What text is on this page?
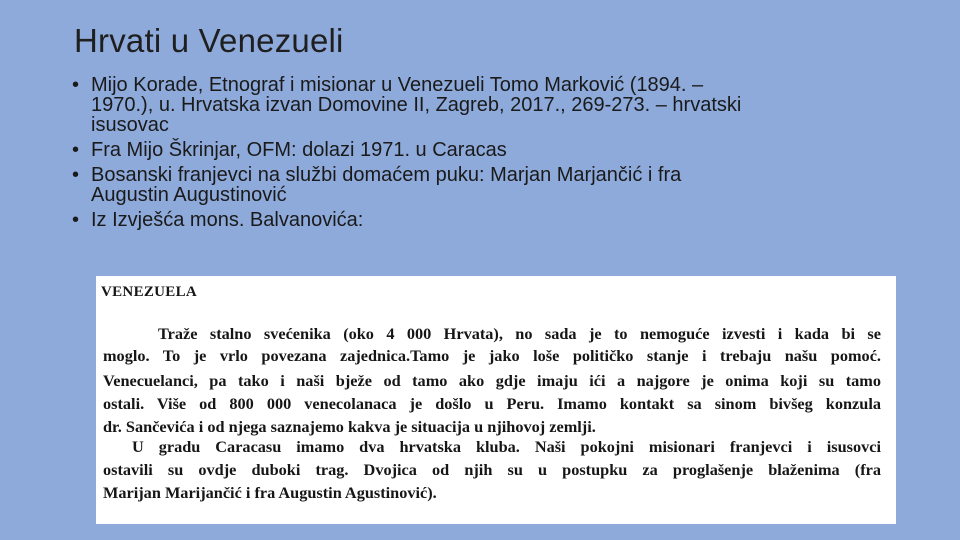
Hrvati u Venezueli
• Mijo Korade, Etnograf i misionar u Venezueli Tomo Marković (1894. –
1970.), u. Hrvatska izvan Domovine II, Zagreb, 2017., 269-273. – hrvatski
isusovac
• Fra Mijo Škrinjar, OFM: dolazi 1971. u Caracas
• Bosanski franjevci na službi domaćem puku: Marjan Marjančić i fra
Augustin Augustinović
• Iz Izvješća mons. Balvanovića:
VENEZUELA
Traže stalno svećenika (oko 4 000 Hrvata), no sada je to nemoguće izvesti i kada bi se
moglo. To je vrlo povezana zajednica.Tamo je jako loše političko stanje i trebaju našu pomoć.
Venecuelanci, pa tako i naši bježe od tamo ako gdje imaju ići a najgore je onima koji su tamo
ostali. Više od 800 000 venecolanaca je došlo u Peru. Imamo kontakt sa sinom bivšeg konzula
dr. Sančevića i od njega saznajemo kakva je situacija u njihovoj zemlji.
U gradu Caracasu imamo dva hrvatska kluba. Naši pokojni misionari franjevci i isusovci
ostavili su ovdje duboki trag. Dvojica od njih su u postupku za proglašenje blaženima (fra
Marijan Marijančić i fra Augustin Agustinović).
